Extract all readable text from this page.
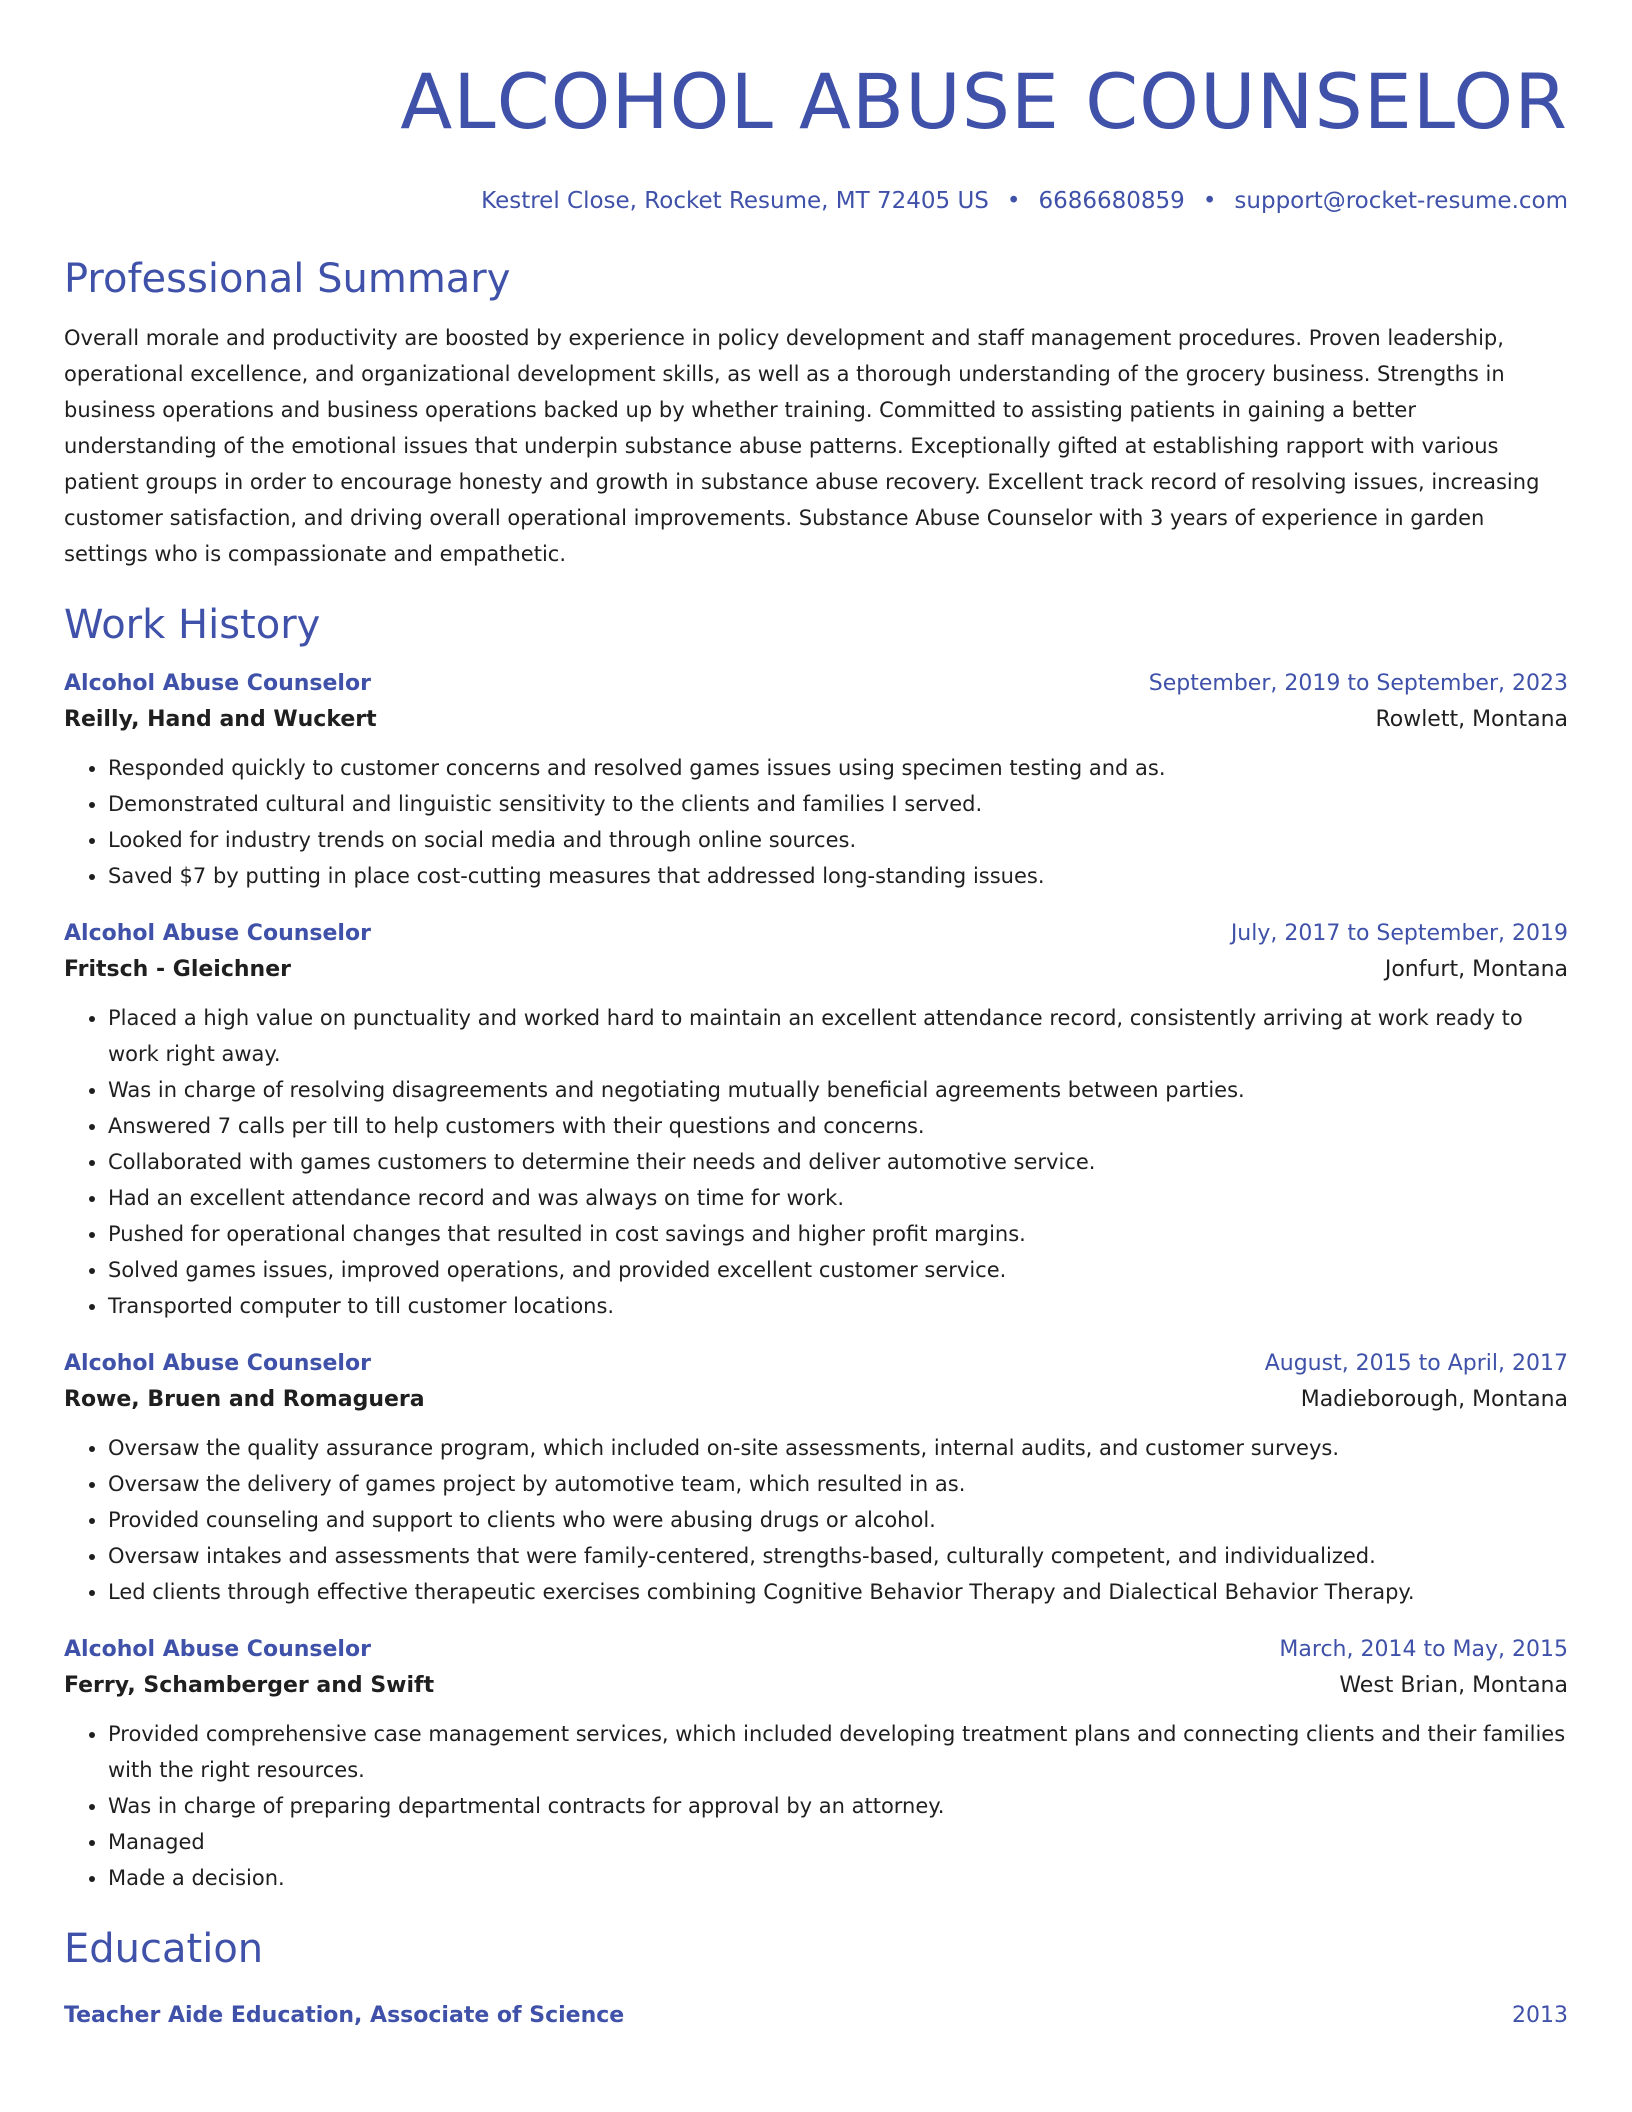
ALCOHOL ABUSE COUNSELOR
Kestrel Close, Rocket Resume, MT 72405 US • 6686680859 • support@rocket-resume.com
Professional Summary
Overall morale and productivity are boosted by experience in policy development and staff management procedures. Proven leadership, operational excellence, and organizational development skills, as well as a thorough understanding of the grocery business. Strengths in business operations and business operations backed up by whether training. Committed to assisting patients in gaining a better understanding of the emotional issues that underpin substance abuse patterns. Exceptionally gifted at establishing rapport with various patient groups in order to encourage honesty and growth in substance abuse recovery. Excellent track record of resolving issues, increasing customer satisfaction, and driving overall operational improvements. Substance Abuse Counselor with 3 years of experience in garden settings who is compassionate and empathetic.
Work History
Alcohol Abuse Counselor	September, 2019 to September, 2023
Reilly, Hand and Wuckert	Rowlett, Montana
• Responded quickly to customer concerns and resolved games issues using specimen testing and as.
• Demonstrated cultural and linguistic sensitivity to the clients and families I served.
• Looked for industry trends on social media and through online sources.
• Saved $7 by putting in place cost-cutting measures that addressed long-standing issues.
Alcohol Abuse Counselor	July, 2017 to September, 2019
Fritsch - Gleichner	Jonfurt, Montana
• Placed a high value on punctuality and worked hard to maintain an excellent attendance record, consistently arriving at work ready to work right away.
• Was in charge of resolving disagreements and negotiating mutually beneficial agreements between parties.
• Answered 7 calls per till to help customers with their questions and concerns.
• Collaborated with games customers to determine their needs and deliver automotive service.
• Had an excellent attendance record and was always on time for work.
• Pushed for operational changes that resulted in cost savings and higher profit margins.
• Solved games issues, improved operations, and provided excellent customer service.
• Transported computer to till customer locations.
Alcohol Abuse Counselor	August, 2015 to April, 2017
Rowe, Bruen and Romaguera	Madieborough, Montana
• Oversaw the quality assurance program, which included on-site assessments, internal audits, and customer surveys.
• Oversaw the delivery of games project by automotive team, which resulted in as.
• Provided counseling and support to clients who were abusing drugs or alcohol.
• Oversaw intakes and assessments that were family-centered, strengths-based, culturally competent, and individualized.
• Led clients through effective therapeutic exercises combining Cognitive Behavior Therapy and Dialectical Behavior Therapy.
Alcohol Abuse Counselor	March, 2014 to May, 2015
Ferry, Schamberger and Swift	West Brian, Montana
• Provided comprehensive case management services, which included developing treatment plans and connecting clients and their families with the right resources.
• Was in charge of preparing departmental contracts for approval by an attorney.
• Managed
• Made a decision.
Education
Teacher Aide Education, Associate of Science	2013
